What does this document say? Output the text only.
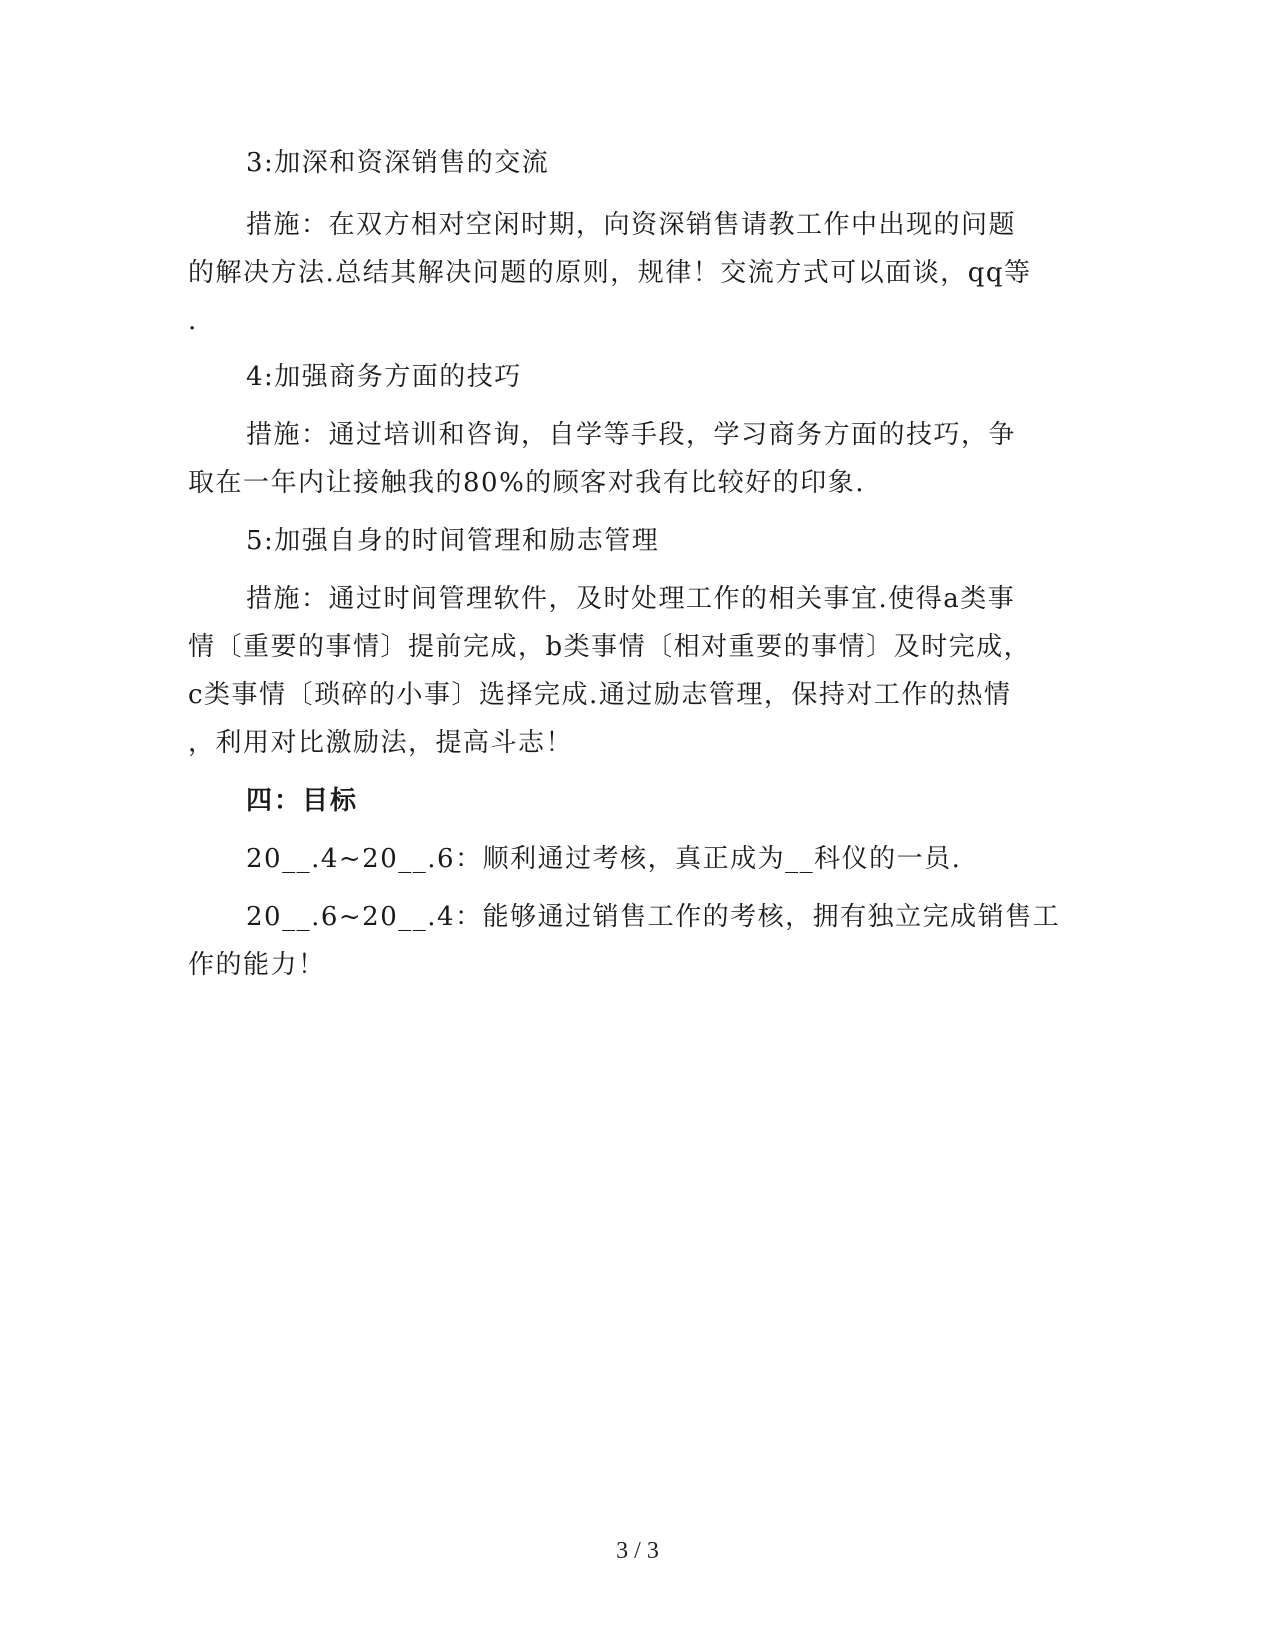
3:加深和资深销售的交流
措施：在双方相对空闲时期，向资深销售请教工作中出现的问题
的解决方法.总结其解决问题的原则，规律！交流方式可以面谈，qq等
.
4:加强商务方面的技巧
措施：通过培训和咨询，自学等手段，学习商务方面的技巧，争
取在一年内让接触我的80%的顾客对我有比较好的印象.
5:加强自身的时间管理和励志管理
措施：通过时间管理软件，及时处理工作的相关事宜.使得a类事
情〔重要的事情〕提前完成，b类事情〔相对重要的事情〕及时完成，
c类事情〔琐碎的小事〕选择完成.通过励志管理，保持对工作的热情
，利用对比激励法，提高斗志！
四：目标
20__.4~20__.6：顺利通过考核，真正成为__科仪的一员.
20__.6~20__.4：能够通过销售工作的考核，拥有独立完成销售工
作的能力！
3 / 3
